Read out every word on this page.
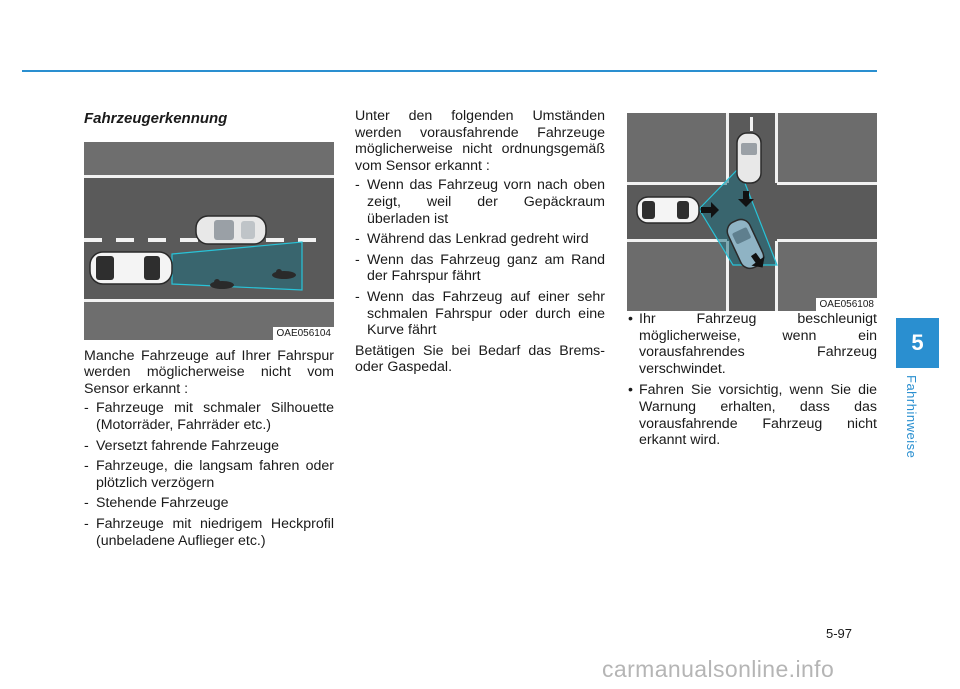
Fahrzeugerkennung
OAE056104

Manche Fahrzeuge auf Ihrer Fahrspur werden möglicherweise nicht vom Sensor erkannt :

- Fahrzeuge mit schmaler Silhouette (Motorräder, Fahrräder etc.)
- Versetzt fahrende Fahrzeuge
- Fahrzeuge, die langsam fahren oder plötzlich verzögern
- Stehende Fahrzeuge
- Fahrzeuge mit niedrigem Heckprofil (unbeladene Auflieger etc.)

Unter den folgenden Umständen werden vorausfahrende Fahrzeuge möglicherweise nicht ordnungsgemäß vom Sensor erkannt :

- Wenn das Fahrzeug vorn nach oben zeigt, weil der Gepäckraum überladen ist
- Während das Lenkrad gedreht wird
- Wenn das Fahrzeug ganz am Rand der Fahrspur fährt
- Wenn das Fahrzeug auf einer sehr schmalen Fahrspur oder durch eine Kurve fährt

Betätigen Sie bei Bedarf das Brems- oder Gaspedal.

OAE056108
• Ihr Fahrzeug beschleunigt möglicherweise, wenn ein vorausfahrendes Fahrzeug verschwindet.
• Fahren Sie vorsichtig, wenn Sie die Warnung erhalten, dass das vorausfahrende Fahrzeug nicht erkannt wird.
5
Fahrhinweise
5-97
carmanualsonline.info
